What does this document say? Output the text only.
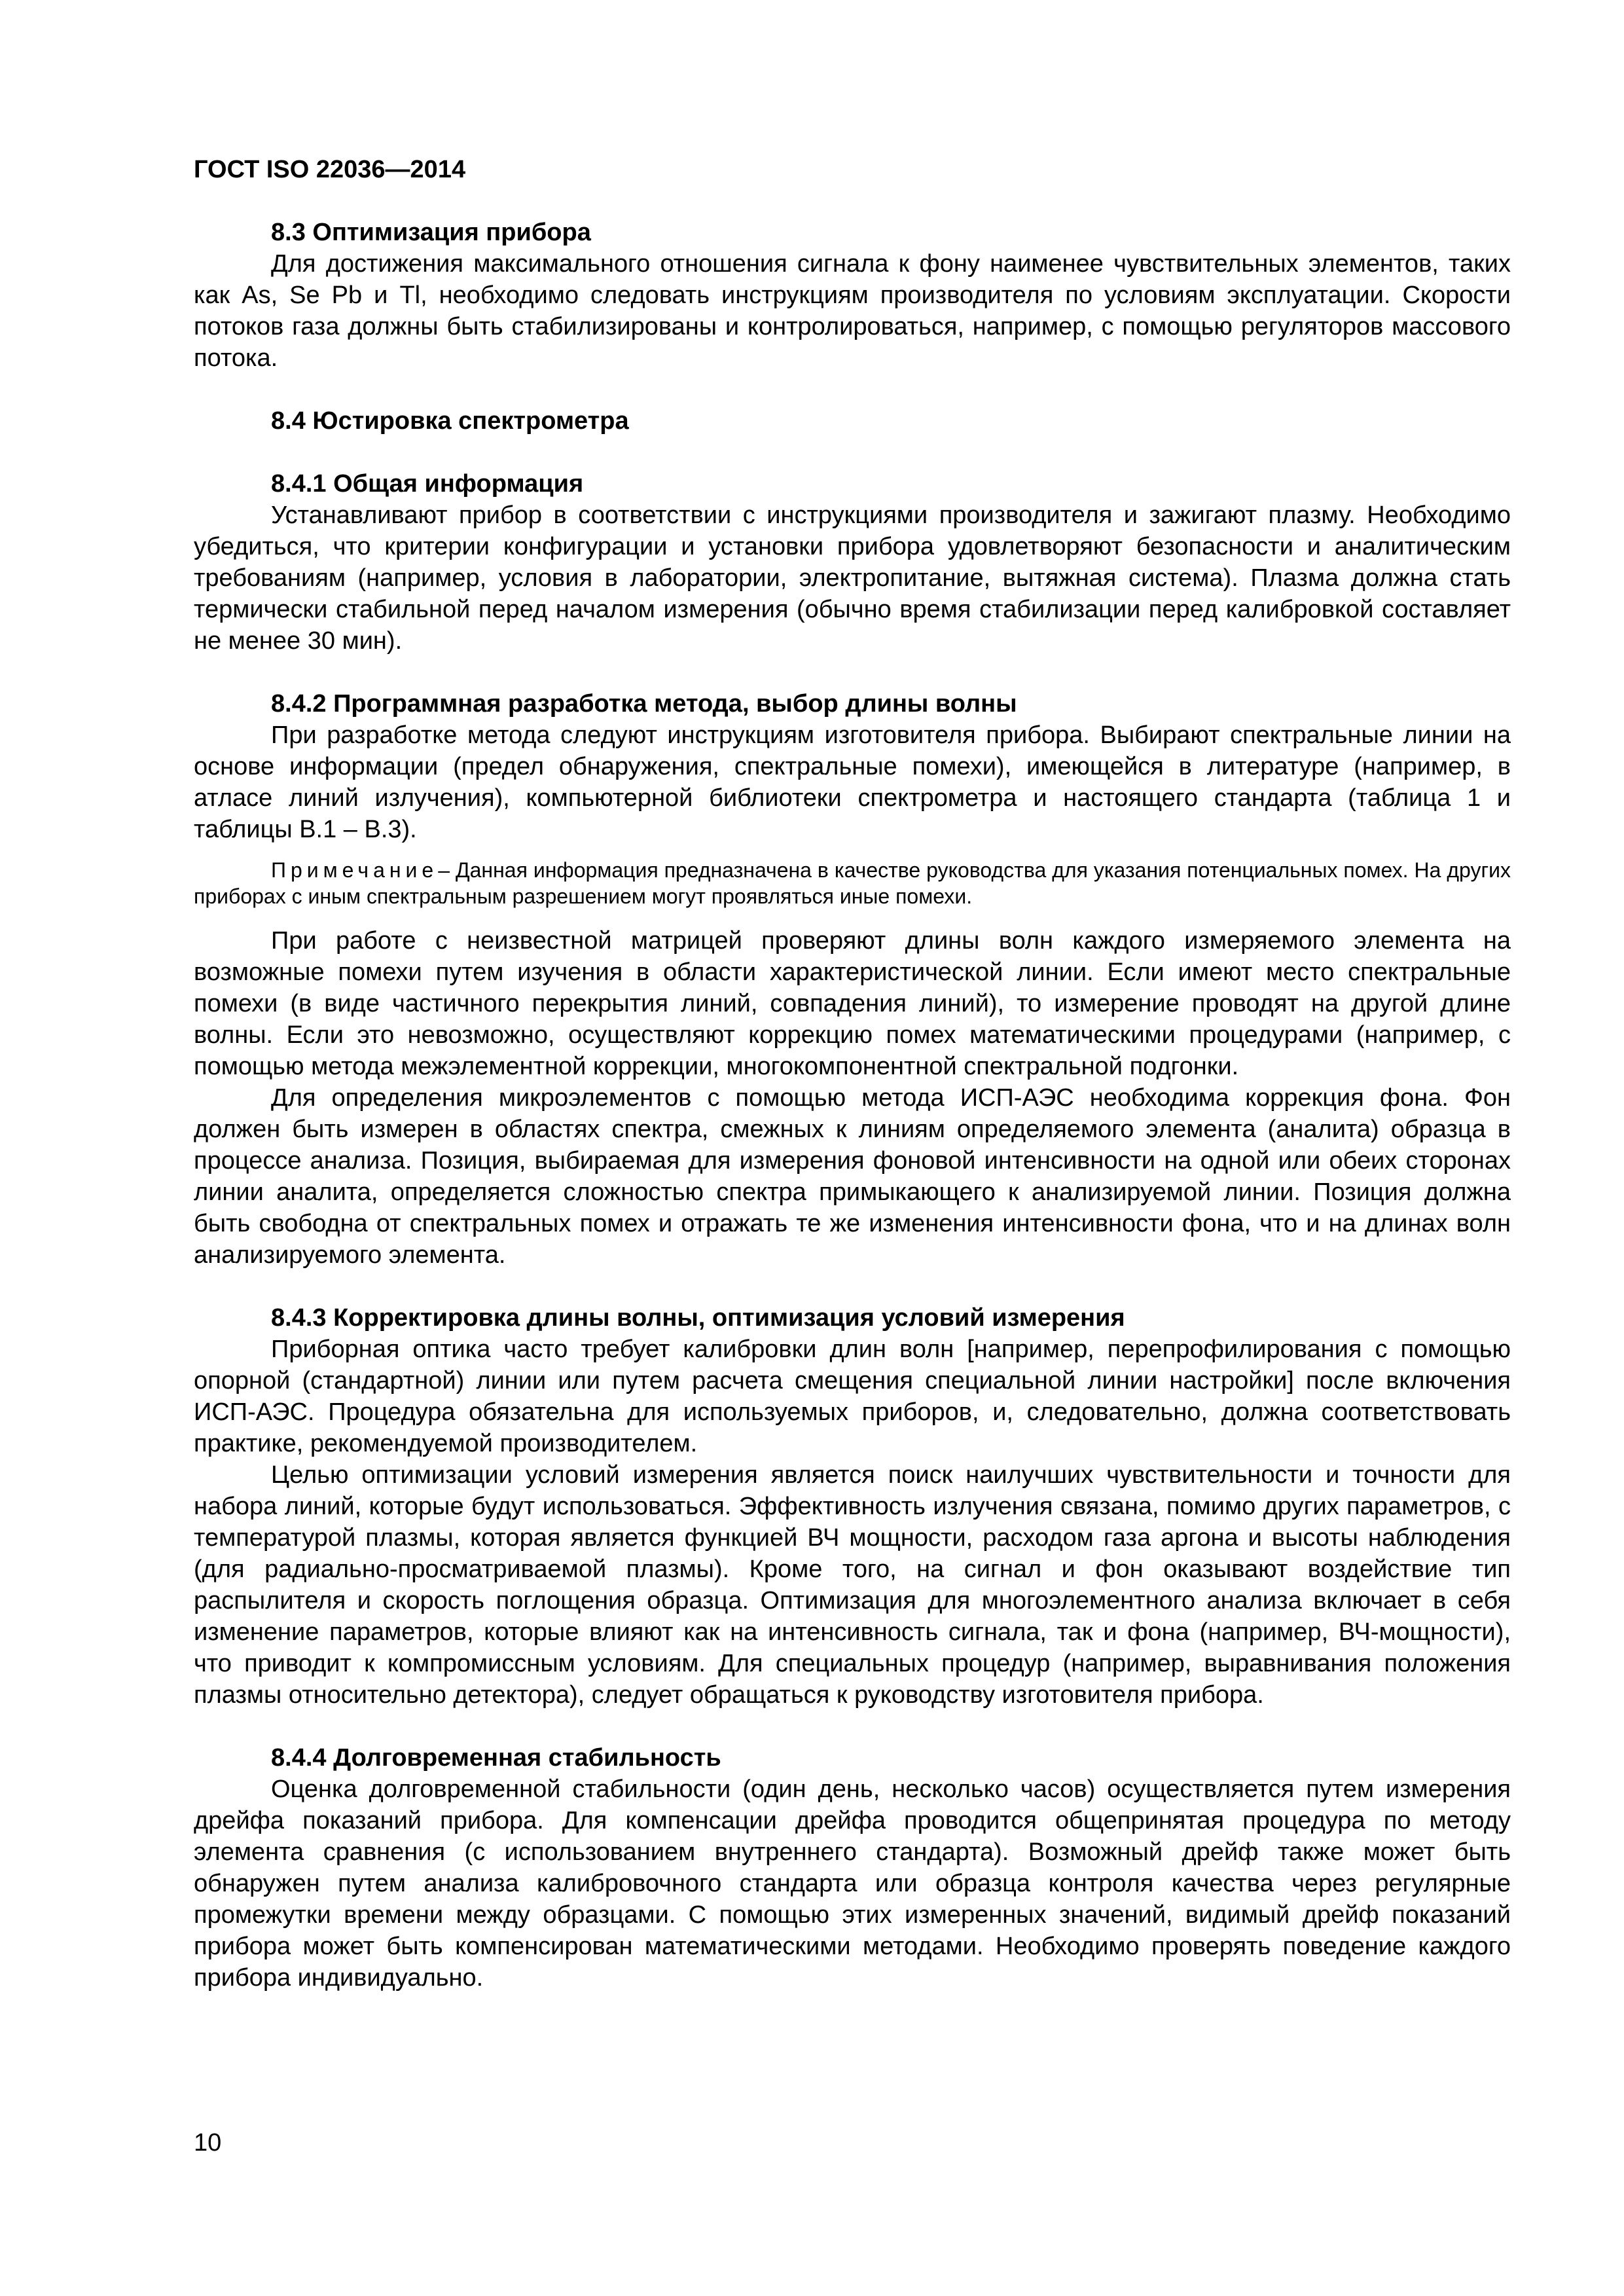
ГОСТ ISO 22036—2014
8.3 Оптимизация прибора

Для достижения максимального отношения сигнала к фону наименее чувствительных элементов, таких как As, Se Pb и Tl, необходимо следовать инструкциям производителя по условиям эксплуатации. Скорости потоков газа должны быть стабилизированы и контролироваться, например, с помощью регуляторов массового потока.

8.4 Юстировка спектрометра
8.4.1 Общая информация

Устанавливают прибор в соответствии с инструкциями производителя и зажигают плазму. Необходимо убедиться, что критерии конфигурации и установки прибора удовлетворяют безопасности и аналитическим требованиям (например, условия в лаборатории, электропитание, вытяжная система). Плазма должна стать термически стабильной перед началом измерения (обычно время стабилизации перед калибровкой составляет не менее 30 мин).

8.4.2 Программная разработка метода, выбор длины волны

При разработке метода следуют инструкциям изготовителя прибора. Выбирают спектральные линии на основе информации (предел обнаружения, спектральные помехи), имеющейся в литературе (например, в атласе линий излучения), компьютерной библиотеки спектрометра и настоящего стандарта (таблица 1 и таблицы B.1 – B.3).

Примечание– Данная информация предназначена в качестве руководства для указания потенциальных помех. На других приборах с иным спектральным разрешением могут проявляться иные помехи.

При работе с неизвестной матрицей проверяют длины волн каждого измеряемого элемента на возможные помехи путем изучения в области характеристической линии. Если имеют место спектральные помехи (в виде частичного перекрытия линий, совпадения линий), то измерение проводят на другой длине волны. Если это невозможно, осуществляют коррекцию помех математическими процедурами (например, с помощью метода межэлементной коррекции, многокомпонентной спектральной подгонки.

Для определения микроэлементов с помощью метода ИСП-АЭС необходима коррекция фона. Фон должен быть измерен в областях спектра, смежных к линиям определяемого элемента (аналита) образца в процессе анализа. Позиция, выбираемая для измерения фоновой интенсивности на одной или обеих сторонах линии аналита, определяется сложностью спектра примыкающего к анализируемой линии. Позиция должна быть свободна от спектральных помех и отражать те же изменения интенсивности фона, что и на длинах волн анализируемого элемента.

8.4.3 Корректировка длины волны, оптимизация условий измерения

Приборная оптика часто требует калибровки длин волн [например, перепрофилирования с помощью опорной (стандартной) линии или путем расчета смещения специальной линии настройки] после включения ИСП-АЭС. Процедура обязательна для используемых приборов, и, следовательно, должна соответствовать практике, рекомендуемой производителем.

Целью оптимизации условий измерения является поиск наилучших чувствительности и точности для набора линий, которые будут использоваться. Эффективность излучения связана, помимо других параметров, с температурой плазмы, которая является функцией ВЧ мощности, расходом газа аргона и высоты наблюдения (для радиально-просматриваемой плазмы). Кроме того, на сигнал и фон оказывают воздействие тип распылителя и скорость поглощения образца. Оптимизация для многоэлементного анализа включает в себя изменение параметров, которые влияют как на интенсивность сигнала, так и фона (например, ВЧ-мощности), что приводит к компромиссным условиям. Для специальных процедур (например, выравнивания положения плазмы относительно детектора), следует обращаться к руководству изготовителя прибора.

8.4.4 Долговременная стабильность

Оценка долговременной стабильности (один день, несколько часов) осуществляется путем измерения дрейфа показаний прибора. Для компенсации дрейфа проводится общепринятая процедура по методу элемента сравнения (с использованием внутреннего стандарта). Возможный дрейф также может быть обнаружен путем анализа калибровочного стандарта или образца контроля качества через регулярные промежутки времени между образцами. С помощью этих измеренных значений, видимый дрейф показаний прибора может быть компенсирован математическими методами. Необходимо проверять поведение каждого прибора индивидуально.

10
